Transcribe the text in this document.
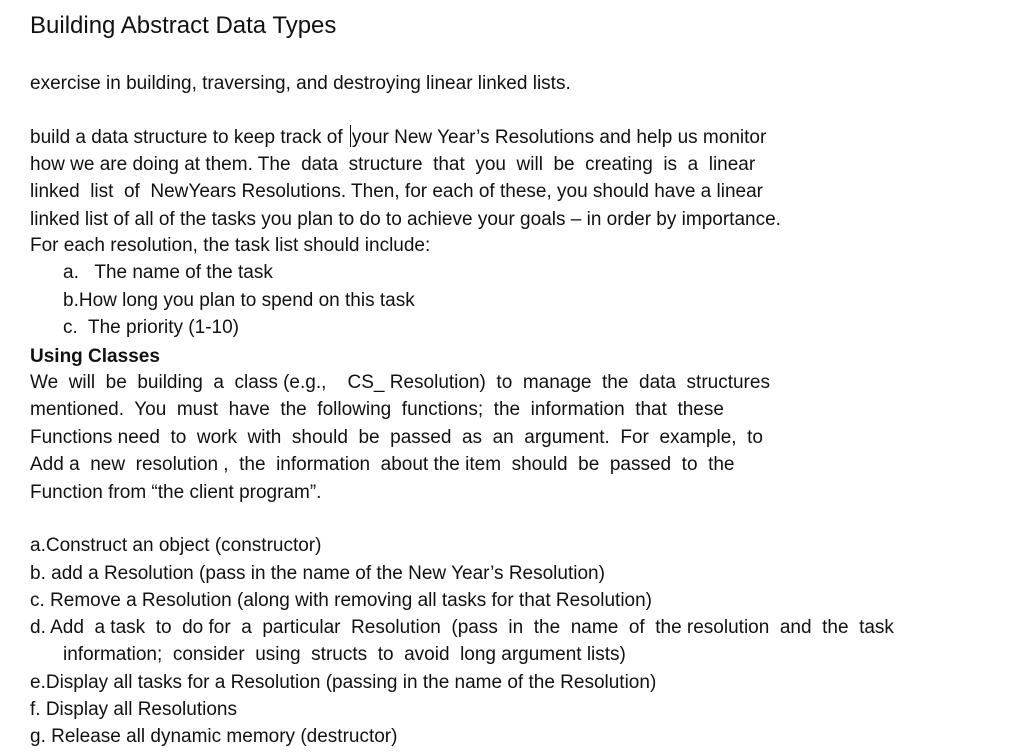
Building Abstract Data Types
exercise in building, traversing, and destroying linear linked lists.
build a data structure to keep track of your New Year’s Resolutions and help us monitor
how we are doing at them. The  data  structure  that  you  will  be  creating  is  a  linear
linked  list  of  NewYears Resolutions. Then, for each of these, you should have a linear
linked list of all of the tasks you plan to do to achieve your goals – in order by importance.
For each resolution, the task list should include:
a.   The name of the task
b.How long you plan to spend on this task
c.  The priority (1-10)
Using Classes
We  will  be  building  a  class (e.g.,    CS_ Resolution)  to  manage  the  data  structures
mentioned.  You  must  have  the  following  functions;  the  information  that  these
Functions need  to  work  with  should  be  passed  as  an  argument.  For  example,  to
Add a  new  resolution ,  the  information  about the item  should  be  passed  to  the
Function from “the client program”.
a.Construct an object (constructor)
b. add a Resolution (pass in the name of the New Year’s Resolution)
c. Remove a Resolution (along with removing all tasks for that Resolution)
d. Add  a task  to  do for  a  particular  Resolution  (pass  in  the  name  of  the resolution  and  the  task
information;  consider  using  structs  to  avoid  long argument lists)
e.Display all tasks for a Resolution (passing in the name of the Resolution)
f. Display all Resolutions
g. Release all dynamic memory (destructor)
